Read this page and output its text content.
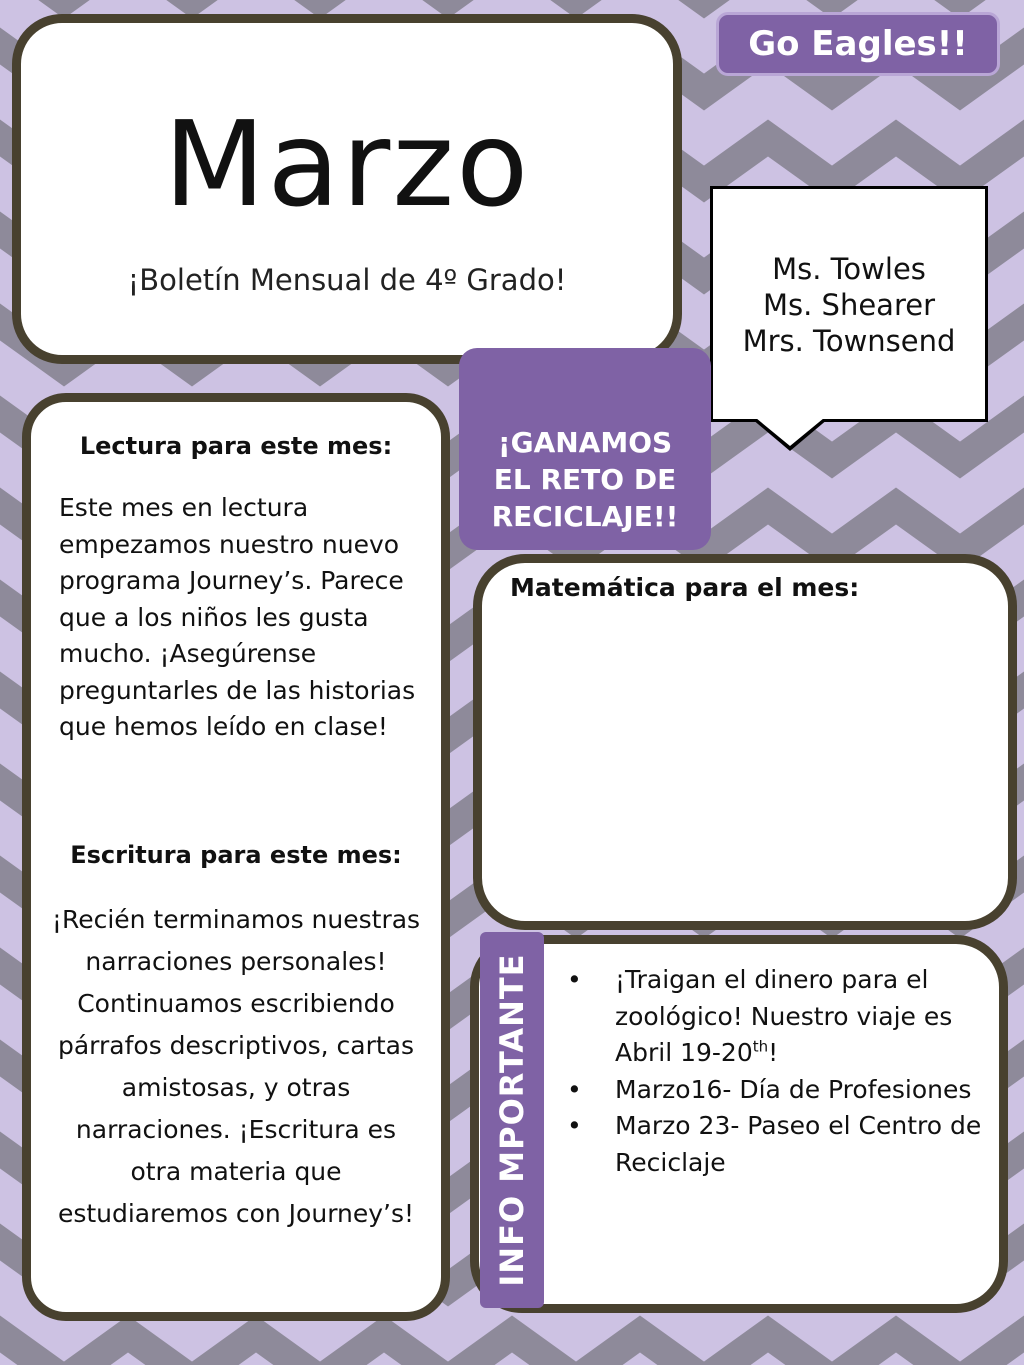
Marzo
¡Boletín Mensual de 4º Grado!
Go Eagles!!
Ms. Towles
Ms. Shearer
Mrs. Townsend
¡GANAMOS
EL RETO DE
RECICLAJE!!
Lectura para este mes:
Este mes en lectura empezamos nuestro nuevo programa Journey’s. Parece que a los niños les gusta mucho. ¡Asegúrense preguntarles de las historias que hemos leído en clase!
Escritura para este mes:
¡Recién terminamos nuestras narraciones personales! Continuamos escribiendo párrafos descriptivos, cartas amistosas, y otras narraciones. ¡Escritura es otra materia que estudiaremos con Journey’s!
Matemática para el mes:
• ¡Traigan el dinero para el zoológico! Nuestro viaje es Abril 19-20th!
• Marzo16- Día de Profesiones
• Marzo 23- Paseo el Centro de Reciclaje
INFO MPORTANTE
